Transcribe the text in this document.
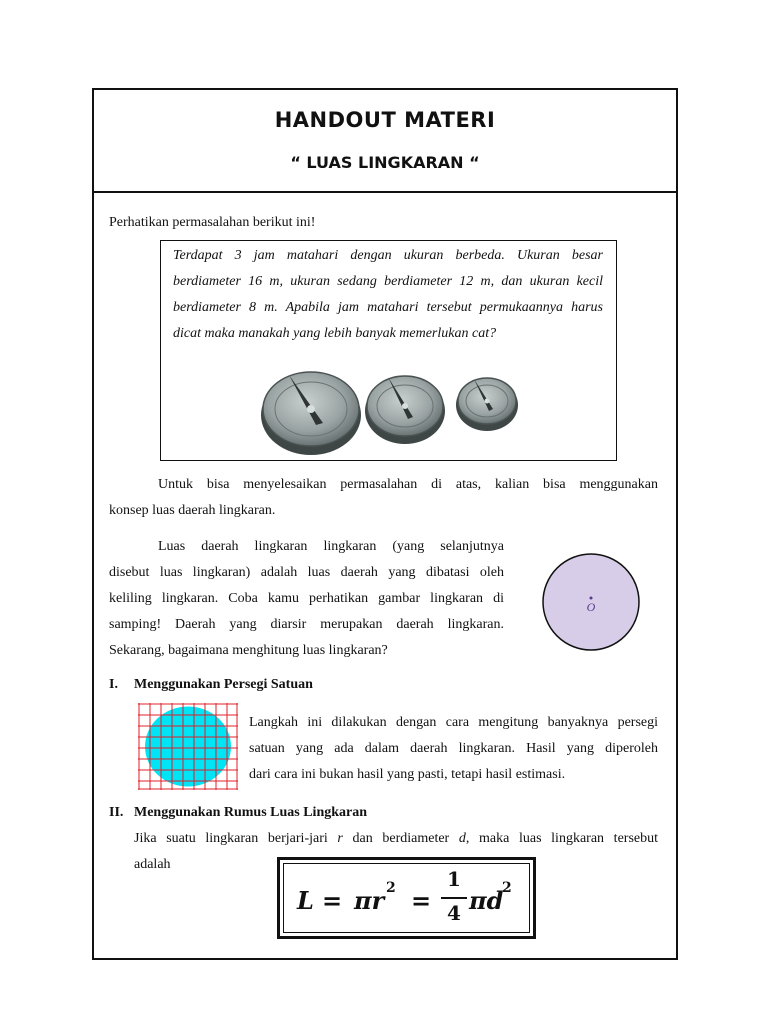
HANDOUT MATERI
“ LUAS LINGKARAN “
Perhatikan permasalahan berikut ini!
Terdapat 3 jam matahari dengan ukuran berbeda. Ukuran besar
berdiameter 16 m, ukuran sedang berdiameter 12 m, dan ukuran kecil
berdiameter 8 m. Apabila jam matahari tersebut permukaannya harus
dicat maka manakah yang lebih banyak memerlukan cat?
Untuk bisa menyelesaikan permasalahan di atas, kalian bisa menggunakan
konsep luas daerah lingkaran.
Luas daerah lingkaran lingkaran (yang selanjutnya
disebut luas lingkaran) adalah luas daerah yang dibatasi oleh
keliling lingkaran. Coba kamu perhatikan gambar lingkaran di
samping! Daerah yang diarsir merupakan daerah lingkaran.
Sekarang, bagaimana menghitung luas lingkaran?
O
I. Menggunakan Persegi Satuan
Langkah ini dilakukan dengan cara mengitung banyaknya persegi
satuan yang ada dalam daerah lingkaran. Hasil yang diperoleh
dari cara ini bukan hasil yang pasti, tetapi hasil estimasi.
II. Menggunakan Rumus Luas Lingkaran
Jika suatu lingkaran berjari-jari r dan berdiameter d, maka luas lingkaran tersebut
adalah
L = πr 2 =
1
4 πd
2
